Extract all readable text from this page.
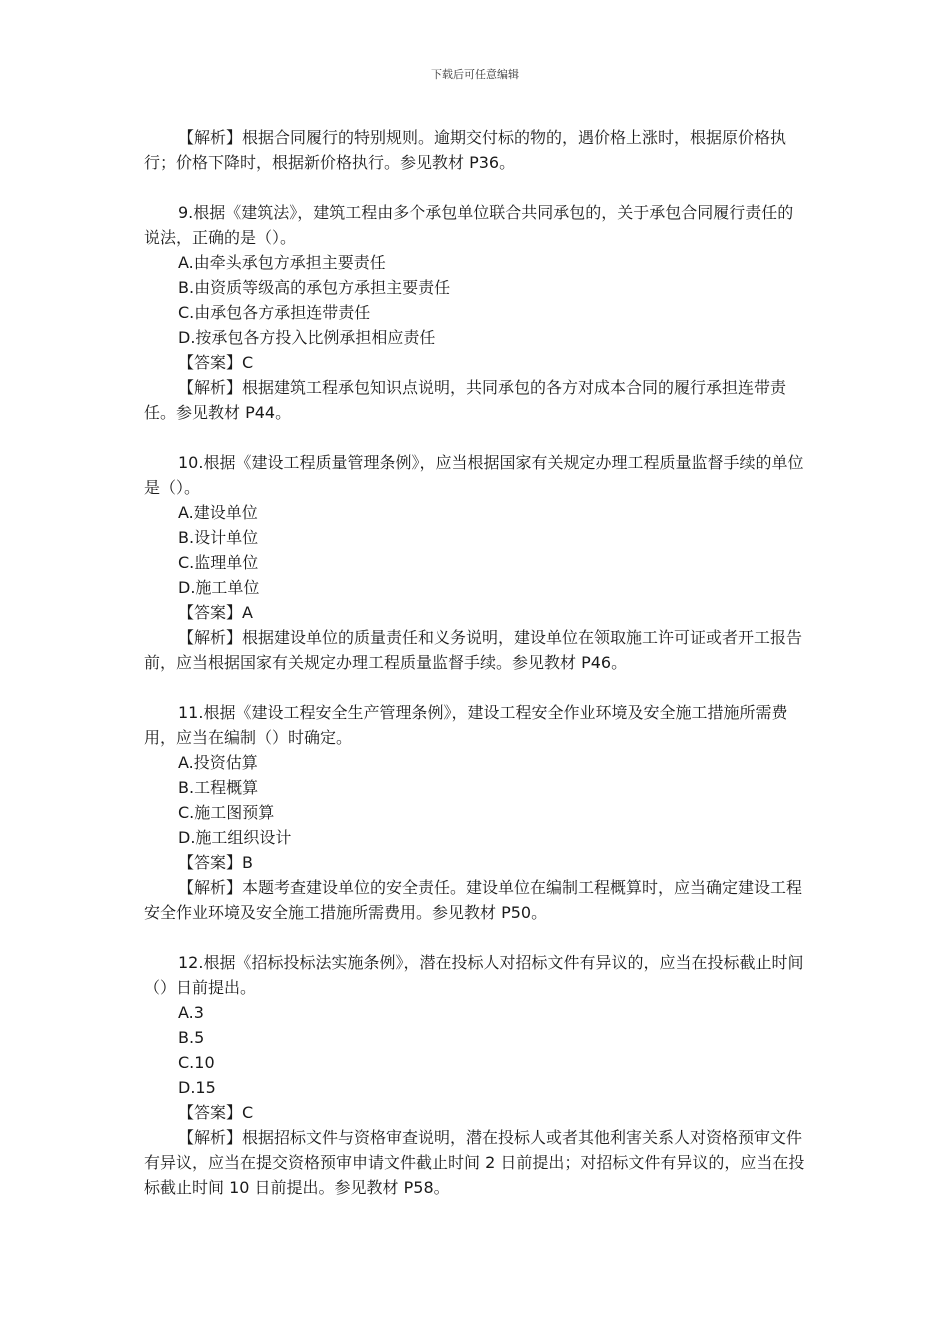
下载后可任意编辑

【解析】根据合同履行的特别规则。逾期交付标的物的，遇价格上涨时，根据原价格执行；价格下降时，根据新价格执行。参见教材 P36。

9.根据《建筑法》，建筑工程由多个承包单位联合共同承包的，关于承包合同履行责任的说法，正确的是（）。

A.由牵头承包方承担主要责任

B.由资质等级高的承包方承担主要责任

C.由承包各方承担连带责任

D.按承包各方投入比例承担相应责任

【答案】C

【解析】根据建筑工程承包知识点说明，共同承包的各方对成本合同的履行承担连带责任。参见教材 P44。

10.根据《建设工程质量管理条例》，应当根据国家有关规定办理工程质量监督手续的单位是（）。

A.建设单位

B.设计单位

C.监理单位

D.施工单位

【答案】A

【解析】根据建设单位的质量责任和义务说明，建设单位在领取施工许可证或者开工报告前，应当根据国家有关规定办理工程质量监督手续。参见教材 P46。

11.根据《建设工程安全生产管理条例》，建设工程安全作业环境及安全施工措施所需费用，应当在编制（）时确定。

A.投资估算

B.工程概算

C.施工图预算

D.施工组织设计

【答案】B

【解析】本题考查建设单位的安全责任。建设单位在编制工程概算时，应当确定建设工程安全作业环境及安全施工措施所需费用。参见教材 P50。

12.根据《招标投标法实施条例》，潜在投标人对招标文件有异议的，应当在投标截止时间（）日前提出。

A.3

B.5

C.10

D.15

【答案】C

【解析】根据招标文件与资格审查说明，潜在投标人或者其他利害关系人对资格预审文件有异议，应当在提交资格预审申请文件截止时间 2 日前提出；对招标文件有异议的，应当在投标截止时间 10 日前提出。参见教材 P58。
